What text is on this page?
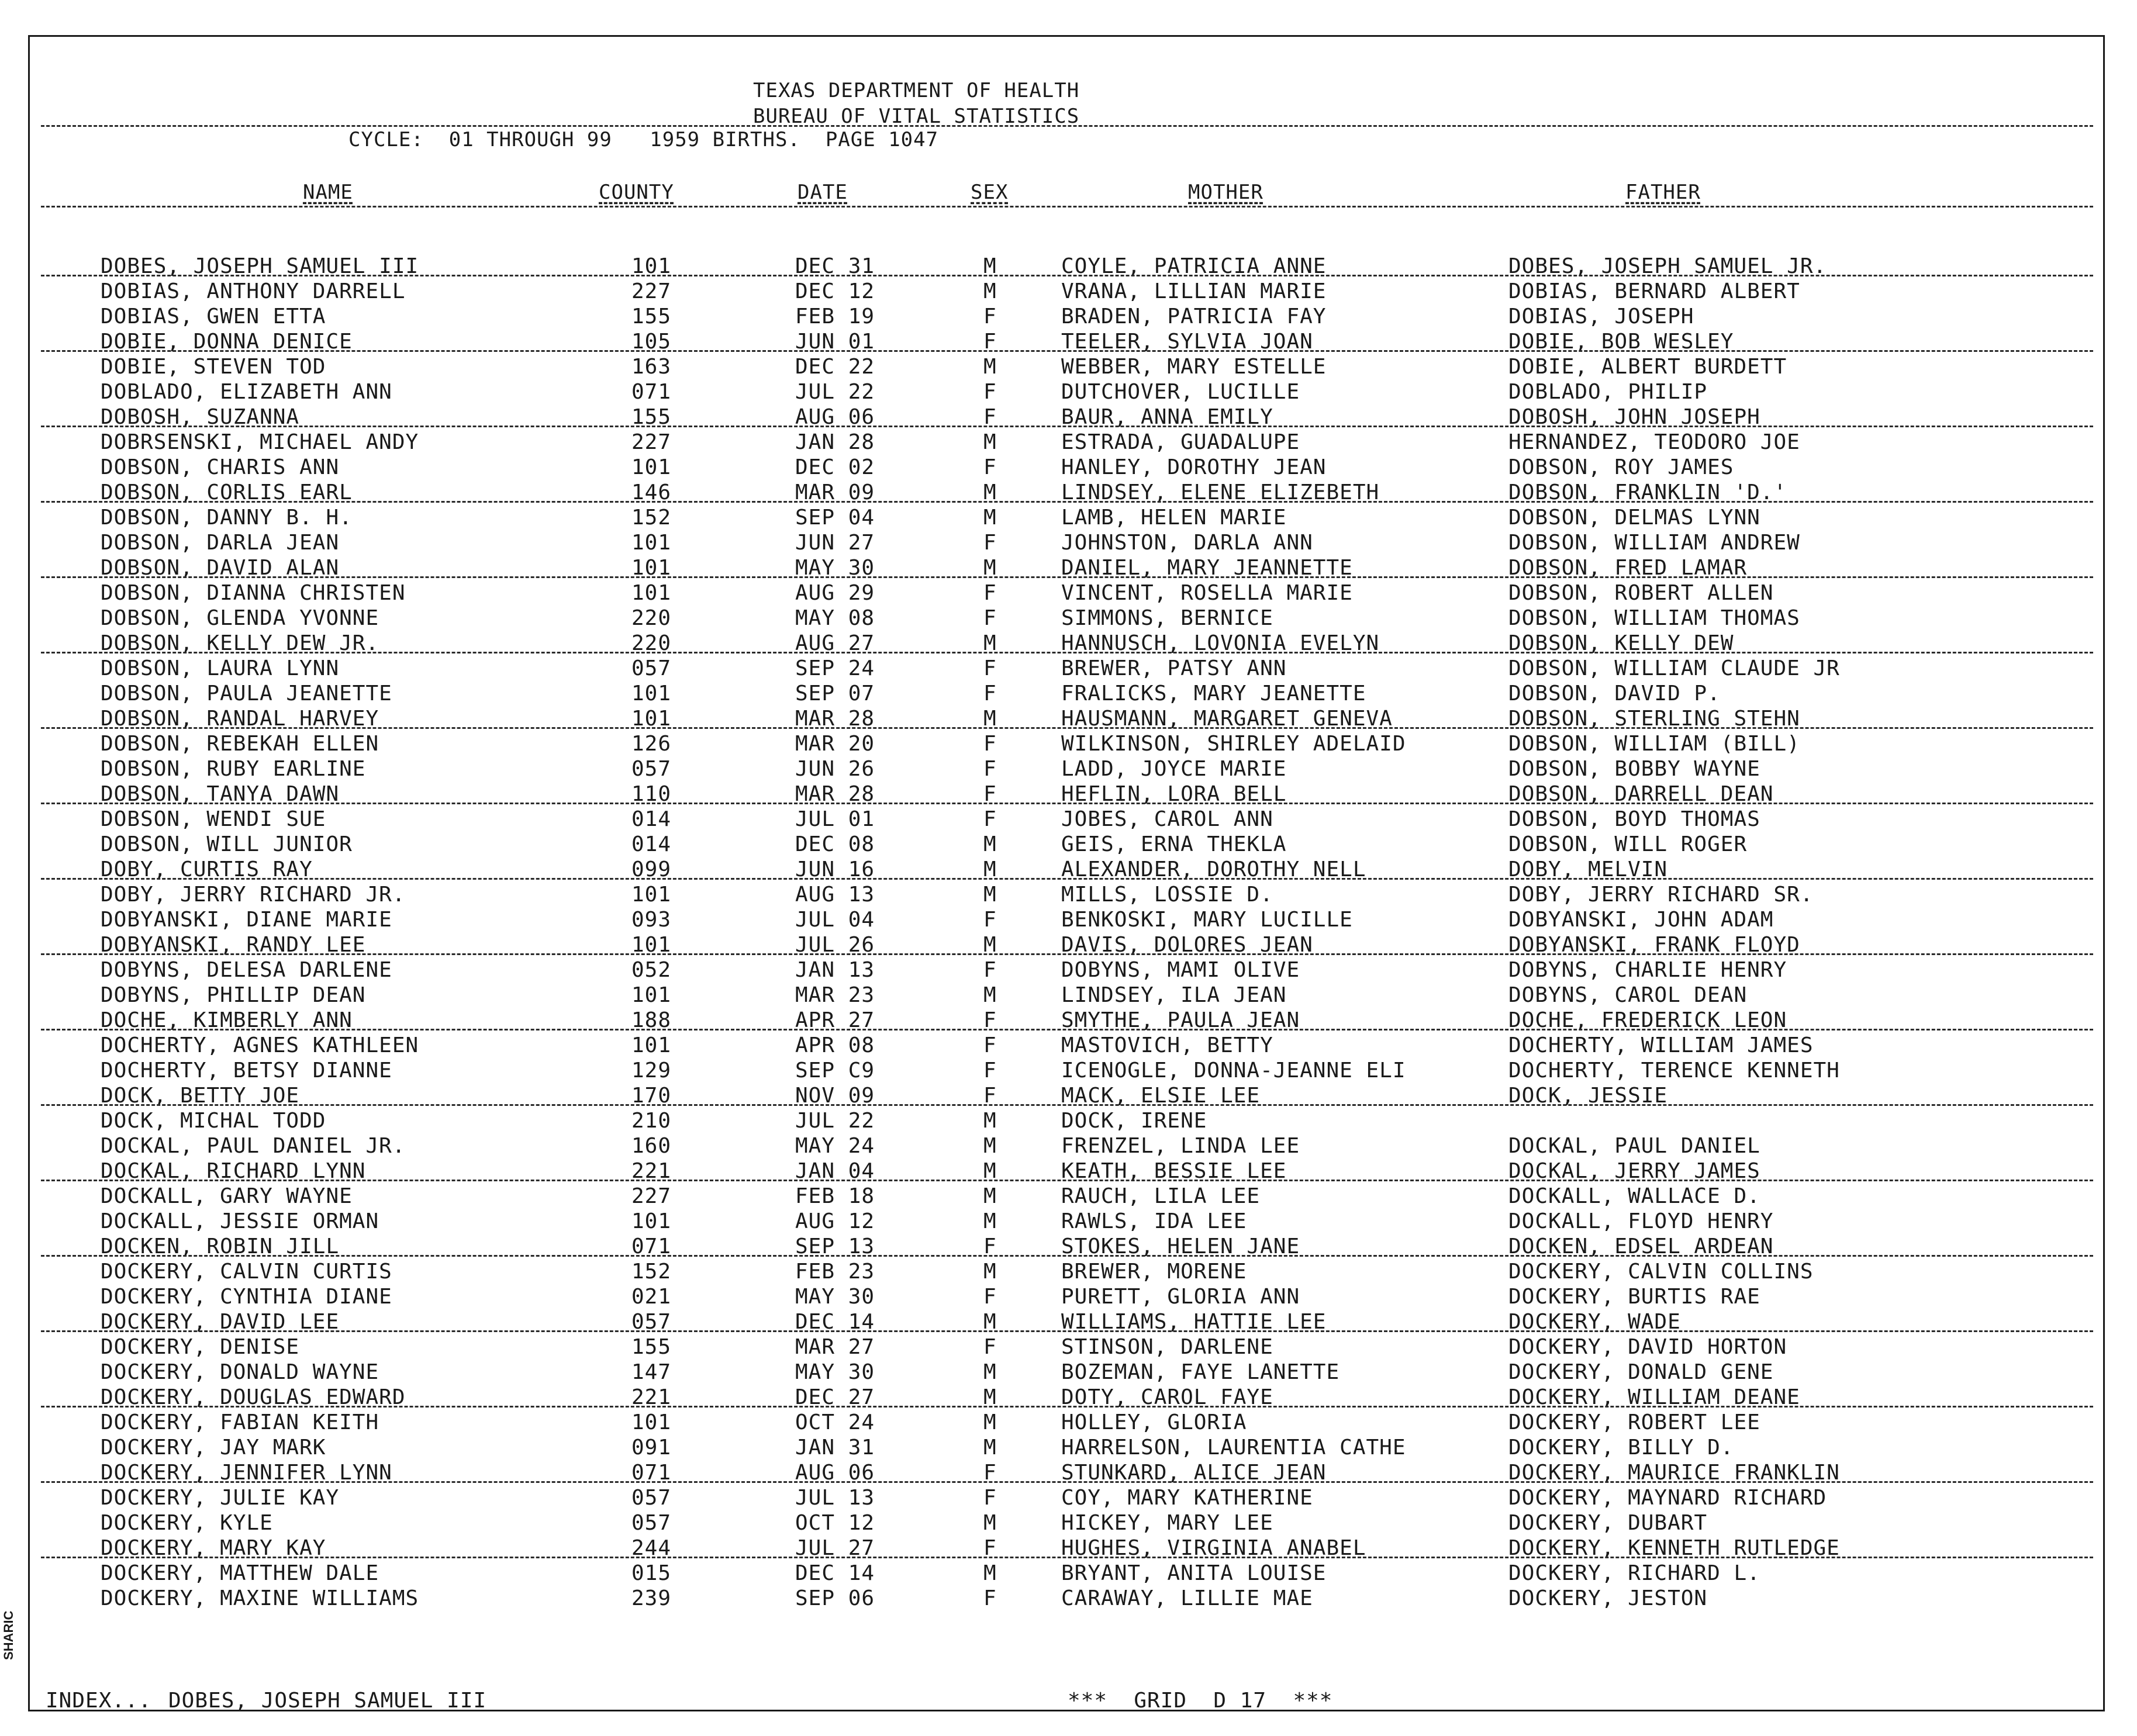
TEXAS DEPARTMENT OF HEALTH
BUREAU OF VITAL STATISTICS
CYCLE:  01 THROUGH 99   1959 BIRTHS.  PAGE 1047
NAME	COUNTY	DATE	SEX	MOTHER	FATHER
DOBES, JOSEPH SAMUEL III	101	DEC 31	M	COYLE, PATRICIA ANNE	DOBES, JOSEPH SAMUEL JR.
DOBIAS, ANTHONY DARRELL	227	DEC 12	M	VRANA, LILLIAN MARIE	DOBIAS, BERNARD ALBERT
DOBIAS, GWEN ETTA	155	FEB 19	F	BRADEN, PATRICIA FAY	DOBIAS, JOSEPH
DOBIE, DONNA DENICE	105	JUN 01	F	TEELER, SYLVIA JOAN	DOBIE, BOB WESLEY
DOBIE, STEVEN TOD	163	DEC 22	M	WEBBER, MARY ESTELLE	DOBIE, ALBERT BURDETT
DOBLADO, ELIZABETH ANN	071	JUL 22	F	DUTCHOVER, LUCILLE	DOBLADO, PHILIP
DOBOSH, SUZANNA	155	AUG 06	F	BAUR, ANNA EMILY	DOBOSH, JOHN JOSEPH
DOBRSENSKI, MICHAEL ANDY	227	JAN 28	M	ESTRADA, GUADALUPE	HERNANDEZ, TEODORO JOE
DOBSON, CHARIS ANN	101	DEC 02	F	HANLEY, DOROTHY JEAN	DOBSON, ROY JAMES
DOBSON, CORLIS EARL	146	MAR 09	M	LINDSEY, ELENE ELIZEBETH	DOBSON, FRANKLIN 'D.'
DOBSON, DANNY B. H.	152	SEP 04	M	LAMB, HELEN MARIE	DOBSON, DELMAS LYNN
DOBSON, DARLA JEAN	101	JUN 27	F	JOHNSTON, DARLA ANN	DOBSON, WILLIAM ANDREW
DOBSON, DAVID ALAN	101	MAY 30	M	DANIEL, MARY JEANNETTE	DOBSON, FRED LAMAR
DOBSON, DIANNA CHRISTEN	101	AUG 29	F	VINCENT, ROSELLA MARIE	DOBSON, ROBERT ALLEN
DOBSON, GLENDA YVONNE	220	MAY 08	F	SIMMONS, BERNICE	DOBSON, WILLIAM THOMAS
DOBSON, KELLY DEW JR.	220	AUG 27	M	HANNUSCH, LOVONIA EVELYN	DOBSON, KELLY DEW
DOBSON, LAURA LYNN	057	SEP 24	F	BREWER, PATSY ANN	DOBSON, WILLIAM CLAUDE JR
DOBSON, PAULA JEANETTE	101	SEP 07	F	FRALICKS, MARY JEANETTE	DOBSON, DAVID P.
DOBSON, RANDAL HARVEY	101	MAR 28	M	HAUSMANN, MARGARET GENEVA	DOBSON, STERLING STEHN
DOBSON, REBEKAH ELLEN	126	MAR 20	F	WILKINSON, SHIRLEY ADELAID	DOBSON, WILLIAM (BILL)
DOBSON, RUBY EARLINE	057	JUN 26	F	LADD, JOYCE MARIE	DOBSON, BOBBY WAYNE
DOBSON, TANYA DAWN	110	MAR 28	F	HEFLIN, LORA BELL	DOBSON, DARRELL DEAN
DOBSON, WENDI SUE	014	JUL 01	F	JOBES, CAROL ANN	DOBSON, BOYD THOMAS
DOBSON, WILL JUNIOR	014	DEC 08	M	GEIS, ERNA THEKLA	DOBSON, WILL ROGER
DOBY, CURTIS RAY	099	JUN 16	M	ALEXANDER, DOROTHY NELL	DOBY, MELVIN
DOBY, JERRY RICHARD JR.	101	AUG 13	M	MILLS, LOSSIE D.	DOBY, JERRY RICHARD SR.
DOBYANSKI, DIANE MARIE	093	JUL 04	F	BENKOSKI, MARY LUCILLE	DOBYANSKI, JOHN ADAM
DOBYANSKI, RANDY LEE	101	JUL 26	M	DAVIS, DOLORES JEAN	DOBYANSKI, FRANK FLOYD
DOBYNS, DELESA DARLENE	052	JAN 13	F	DOBYNS, MAMI OLIVE	DOBYNS, CHARLIE HENRY
DOBYNS, PHILLIP DEAN	101	MAR 23	M	LINDSEY, ILA JEAN	DOBYNS, CAROL DEAN
DOCHE, KIMBERLY ANN	188	APR 27	F	SMYTHE, PAULA JEAN	DOCHE, FREDERICK LEON
DOCHERTY, AGNES KATHLEEN	101	APR 08	F	MASTOVICH, BETTY	DOCHERTY, WILLIAM JAMES
DOCHERTY, BETSY DIANNE	129	SEP C9	F	ICENOGLE, DONNA-JEANNE ELI	DOCHERTY, TERENCE KENNETH
DOCK, BETTY JOE	170	NOV 09	F	MACK, ELSIE LEE	DOCK, JESSIE
DOCK, MICHAL TODD	210	JUL 22	M	DOCK, IRENE
DOCKAL, PAUL DANIEL JR.	160	MAY 24	M	FRENZEL, LINDA LEE	DOCKAL, PAUL DANIEL
DOCKAL, RICHARD LYNN	221	JAN 04	M	KEATH, BESSIE LEE	DOCKAL, JERRY JAMES
DOCKALL, GARY WAYNE	227	FEB 18	M	RAUCH, LILA LEE	DOCKALL, WALLACE D.
DOCKALL, JESSIE ORMAN	101	AUG 12	M	RAWLS, IDA LEE	DOCKALL, FLOYD HENRY
DOCKEN, ROBIN JILL	071	SEP 13	F	STOKES, HELEN JANE	DOCKEN, EDSEL ARDEAN
DOCKERY, CALVIN CURTIS	152	FEB 23	M	BREWER, MORENE	DOCKERY, CALVIN COLLINS
DOCKERY, CYNTHIA DIANE	021	MAY 30	F	PURETT, GLORIA ANN	DOCKERY, BURTIS RAE
DOCKERY, DAVID LEE	057	DEC 14	M	WILLIAMS, HATTIE LEE	DOCKERY, WADE
DOCKERY, DENISE	155	MAR 27	F	STINSON, DARLENE	DOCKERY, DAVID HORTON
DOCKERY, DONALD WAYNE	147	MAY 30	M	BOZEMAN, FAYE LANETTE	DOCKERY, DONALD GENE
DOCKERY, DOUGLAS EDWARD	221	DEC 27	M	DOTY, CAROL FAYE	DOCKERY, WILLIAM DEANE
DOCKERY, FABIAN KEITH	101	OCT 24	M	HOLLEY, GLORIA	DOCKERY, ROBERT LEE
DOCKERY, JAY MARK	091	JAN 31	M	HARRELSON, LAURENTIA CATHE	DOCKERY, BILLY D.
DOCKERY, JENNIFER LYNN	071	AUG 06	F	STUNKARD, ALICE JEAN	DOCKERY, MAURICE FRANKLIN
DOCKERY, JULIE KAY	057	JUL 13	F	COY, MARY KATHERINE	DOCKERY, MAYNARD RICHARD
DOCKERY, KYLE	057	OCT 12	M	HICKEY, MARY LEE	DOCKERY, DUBART
DOCKERY, MARY KAY	244	JUL 27	F	HUGHES, VIRGINIA ANABEL	DOCKERY, KENNETH RUTLEDGE
DOCKERY, MATTHEW DALE	015	DEC 14	M	BRYANT, ANITA LOUISE	DOCKERY, RICHARD L.
DOCKERY, MAXINE WILLIAMS	239	SEP 06	F	CARAWAY, LILLIE MAE	DOCKERY, JESTON
INDEX... DOBES, JOSEPH SAMUEL III	***  GRID  D 17  ***
SHARIC
